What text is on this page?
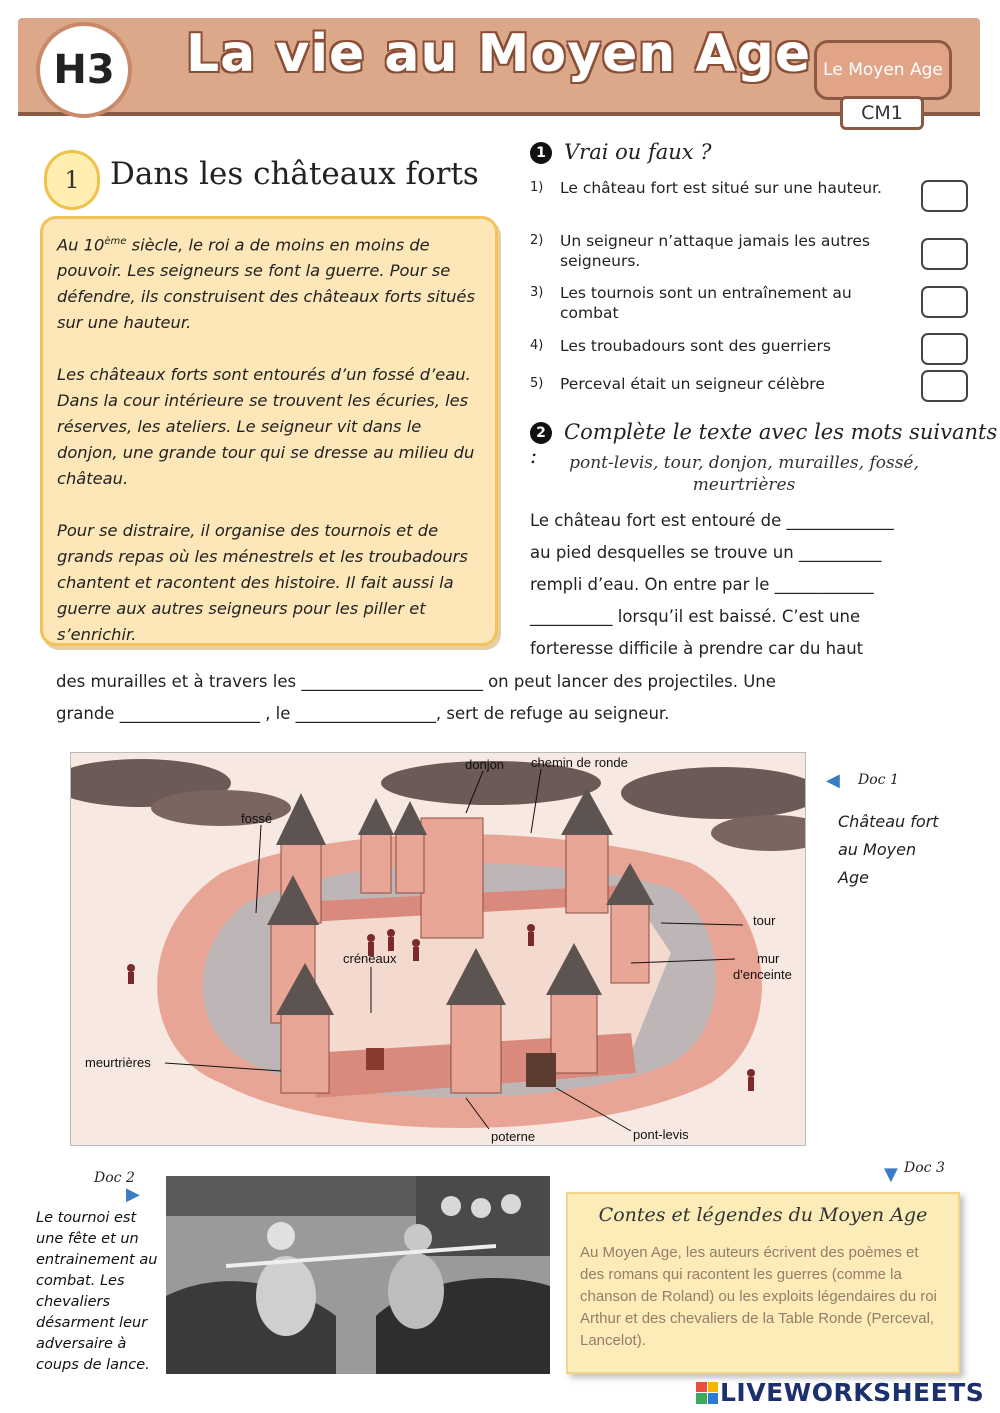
H3	La vie au Moyen Age Le Moyen Age
CM1
1 Dans les châteaux forts

Au 10ème siècle, le roi a de moins en moins de pouvoir. Les seigneurs se font la guerre. Pour se défendre, ils construisent des châteaux forts situés sur une hauteur.

Les châteaux forts sont entourés d’un fossé d’eau. Dans la cour intérieure se trouvent les écuries, les réserves, les ateliers. Le seigneur vit dans le donjon, une grande tour qui se dresse au milieu du château.

Pour se distraire, il organise des tournois et de grands repas où les ménestrels et les troubadours chantent et racontent des histoire. Il fait aussi la guerre aux autres seigneurs pour les piller et s’enrichir.

1 Vrai ou faux ?
1)	Le château fort est situé sur une hauteur.
2)	Un seigneur n’attaque jamais les autres seigneurs.
3)	Les tournois sont un entraînement au combat
4)	Les troubadours sont des guerriers
5)	Perceval était un seigneur célèbre
2 Complète le texte avec les mots suivants :	pont-levis, tour, donjon, murailles, fossé, meurtrières
Le château fort est entouré de _____________
au pied desquelles se trouve un __________
rempli d’eau. On entre par le ____________
__________ lorsqu’il est baissé. C’est une
forteresse difficile à prendre car du haut
des murailles et à travers les ______________________ on peut lancer des projectiles. Une
grande _________________ , le _________________, sert de refuge au seigneur.
donjon chemin de ronde
fossé
tour
mur
d'enceinte
créneaux
meurtrières
poterne	pont-levis
◀ Doc 1
Château fort au Moyen Age
Doc 2
▶
Le tournoi est une fête et un entrainement au combat. Les chevaliers désarment leur adversaire à coups de lance.
▼ Doc 3
Contes et légendes du Moyen Age
Au Moyen Age, les auteurs écrivent des poèmes et des romans qui racontent les guerres (comme la chanson de Roland) ou les exploits légendaires du roi Arthur et des chevaliers de la Table Ronde (Perceval, Lancelot).
LIVEWORKSHEETS
